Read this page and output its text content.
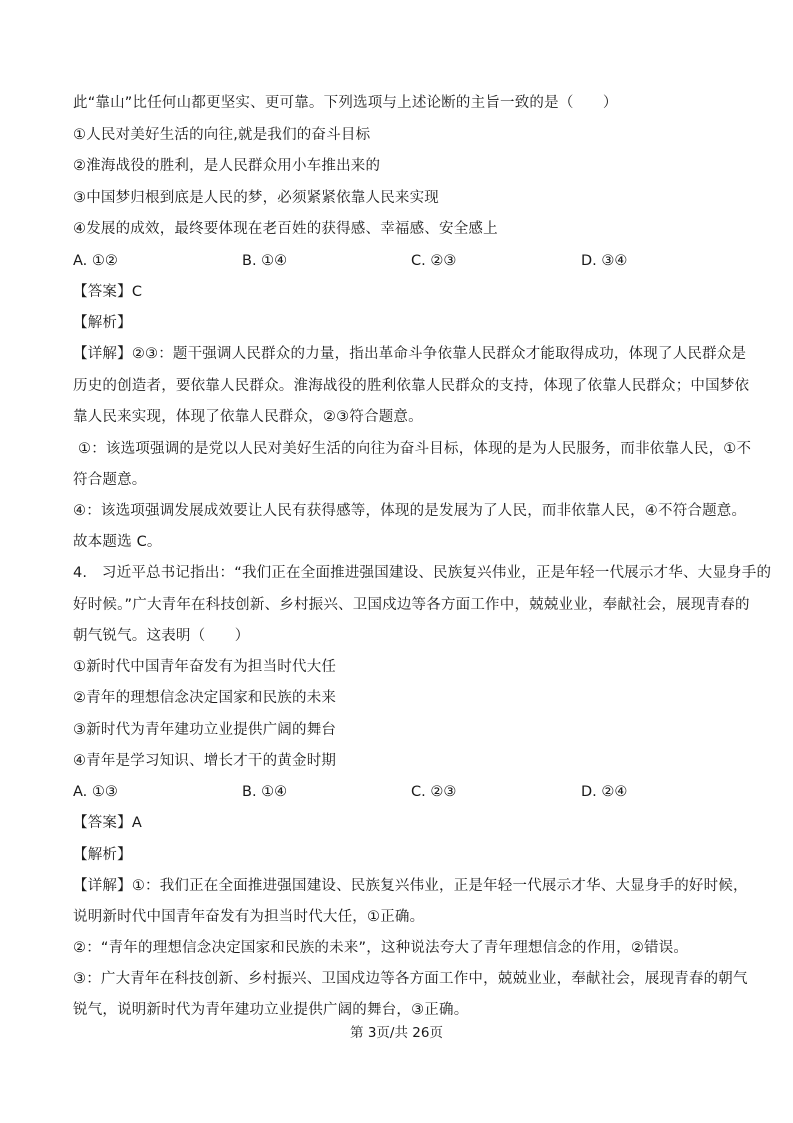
此“靠山”比任何山都更坚实、更可靠。下列选项与上述论断的主旨一致的是（　　）
①人民对美好生活的向往,就是我们的奋斗目标
②淮海战役的胜利，是人民群众用小车推出来的
③中国梦归根到底是人民的梦，必须紧紧依靠人民来实现
④发展的成效，最终要体现在老百姓的获得感、幸福感、安全感上
A. ①②	B. ①④	C. ②③	D. ③④
【答案】C
【解析】
【详解】②③：题干强调人民群众的力量，指出革命斗争依靠人民群众才能取得成功，体现了人民群众是
历史的创造者，要依靠人民群众。淮海战役的胜利依靠人民群众的支持，体现了依靠人民群众；中国梦依
靠人民来实现，体现了依靠人民群众，②③符合题意。
①：该选项强调的是党以人民对美好生活的向往为奋斗目标，体现的是为人民服务，而非依靠人民，①不
符合题意。
④：该选项强调发展成效要让人民有获得感等，体现的是发展为了人民，而非依靠人民，④不符合题意。
故本题选 C。
4.　习近平总书记指出：“我们正在全面推进强国建设、民族复兴伟业，正是年轻一代展示才华、大显身手的
好时候。”广大青年在科技创新、乡村振兴、卫国戍边等各方面工作中，兢兢业业，奉献社会，展现青春的
朝气锐气。这表明（　　）
①新时代中国青年奋发有为担当时代大任
②青年的理想信念决定国家和民族的未来
③新时代为青年建功立业提供广阔的舞台
④青年是学习知识、增长才干的黄金时期
A. ①③	B. ①④	C. ②③	D. ②④
【答案】A
【解析】
【详解】①：我们正在全面推进强国建设、民族复兴伟业，正是年轻一代展示才华、大显身手的好时候，
说明新时代中国青年奋发有为担当时代大任，①正确。
②：“青年的理想信念决定国家和民族的未来”，这种说法夸大了青年理想信念的作用，②错误。
③：广大青年在科技创新、乡村振兴、卫国戍边等各方面工作中，兢兢业业，奉献社会，展现青春的朝气
锐气，说明新时代为青年建功立业提供广阔的舞台，③正确。
第 3页/共 26页
